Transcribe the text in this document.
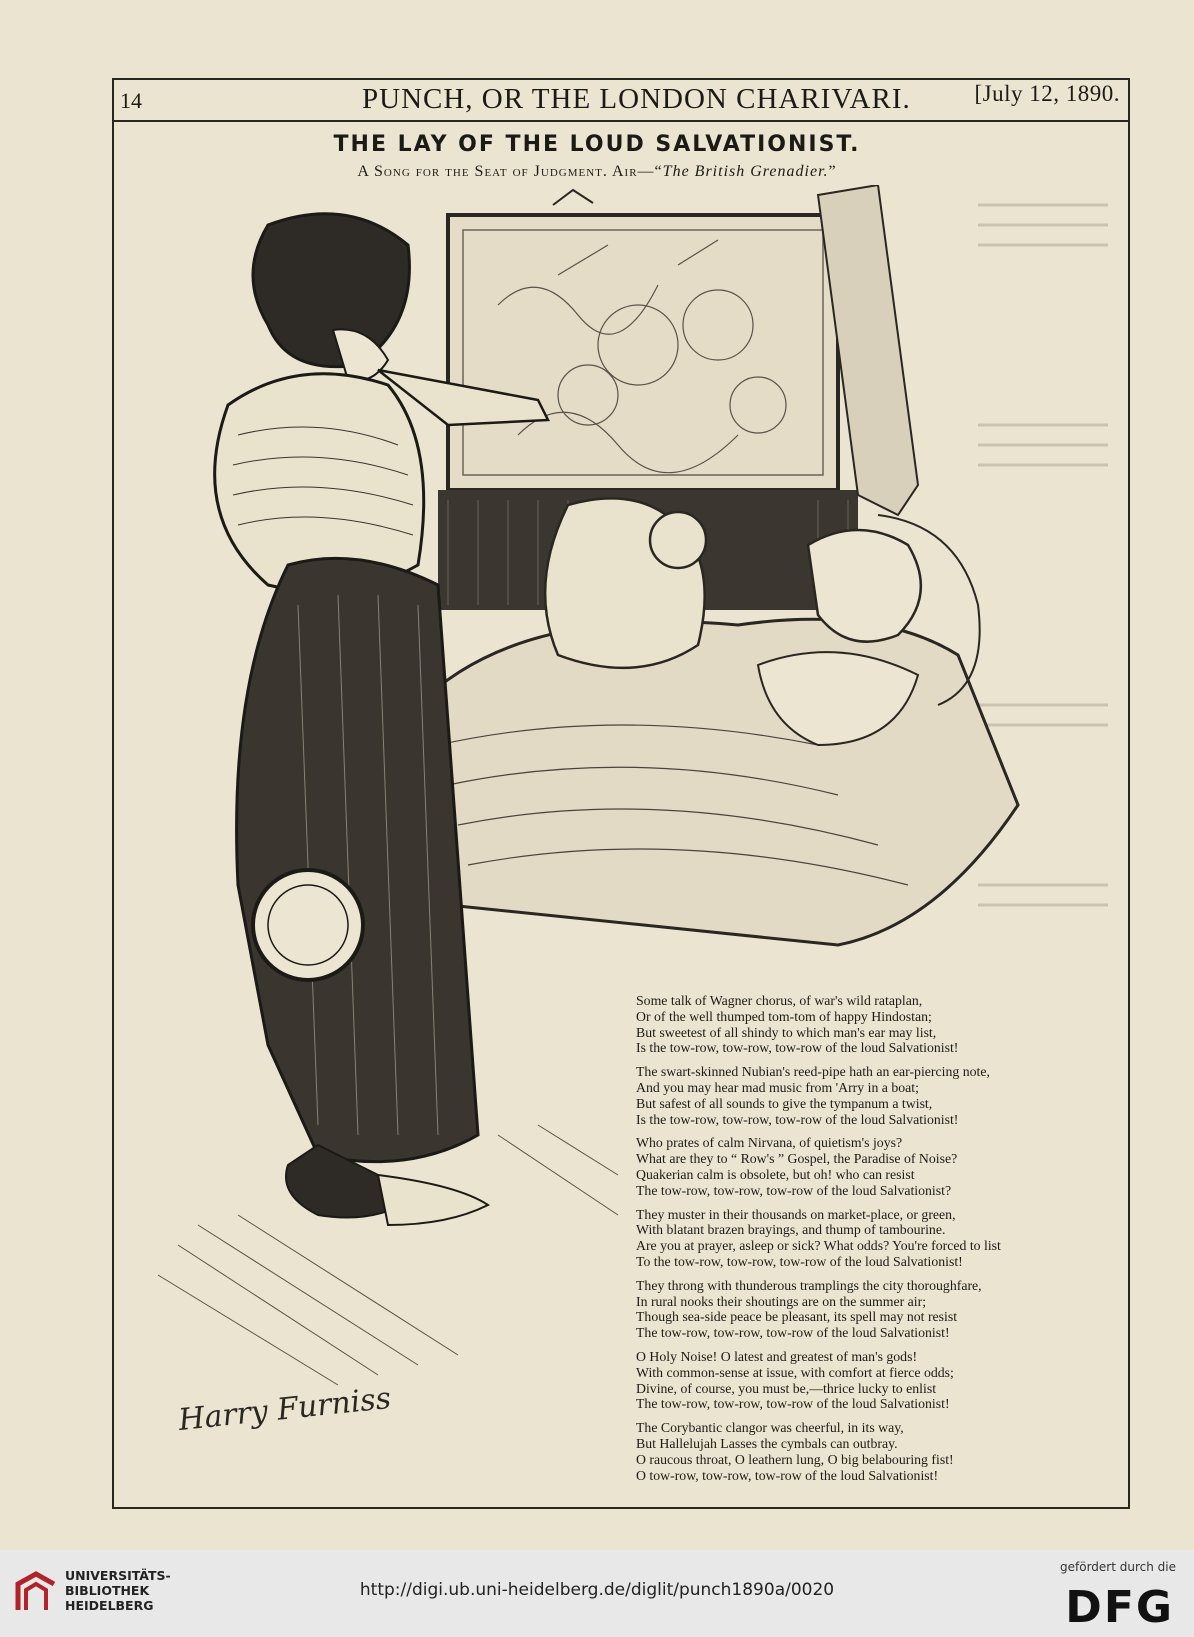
14	PUNCH, OR THE LONDON CHARIVARI.	[July 12, 1890.
THE LAY OF THE LOUD SALVATIONIST.
A Song for the Seat of Judgment. Air—“The British Grenadier.”
Harry Furniss
Some talk of Wagner chorus, of war's wild rataplan,
Or of the well thumped tom-tom of happy Hindostan;
But sweetest of all shindy to which man's ear may list,
Is the tow-row, tow-row, tow-row of the loud Salvationist!
The swart-skinned Nubian's reed-pipe hath an ear-piercing note,
And you may hear mad music from 'Arry in a boat;
But safest of all sounds to give the tympanum a twist,
Is the tow-row, tow-row, tow-row of the loud Salvationist!
Who prates of calm Nirvana, of quietism's joys?
What are they to “ Row's ” Gospel, the Paradise of Noise?
Quakerian calm is obsolete, but oh! who can resist
The tow-row, tow-row, tow-row of the loud Salvationist?
They muster in their thousands on market-place, or green,
With blatant brazen brayings, and thump of tambourine.
Are you at prayer, asleep or sick? What odds? You're forced to list
To the tow-row, tow-row, tow-row of the loud Salvationist!
They throng with thunderous tramplings the city thoroughfare,
In rural nooks their shoutings are on the summer air;
Though sea-side peace be pleasant, its spell may not resist
The tow-row, tow-row, tow-row of the loud Salvationist!
O Holy Noise! O latest and greatest of man's gods!
With common-sense at issue, with comfort at fierce odds;
Divine, of course, you must be,—thrice lucky to enlist
The tow-row, tow-row, tow-row of the loud Salvationist!
The Corybantic clangor was cheerful, in its way,
But Hallelujah Lasses the cymbals can outbray.
O raucous throat, O leathern lung, O big belabouring fist!
O tow-row, tow-row, tow-row of the loud Salvationist!
UNIVERSITÄTS-
BIBLIOTHEK
HEIDELBERG
http://digi.ub.uni-heidelberg.de/diglit/punch1890a/0020
gefördert durch die
DFG
